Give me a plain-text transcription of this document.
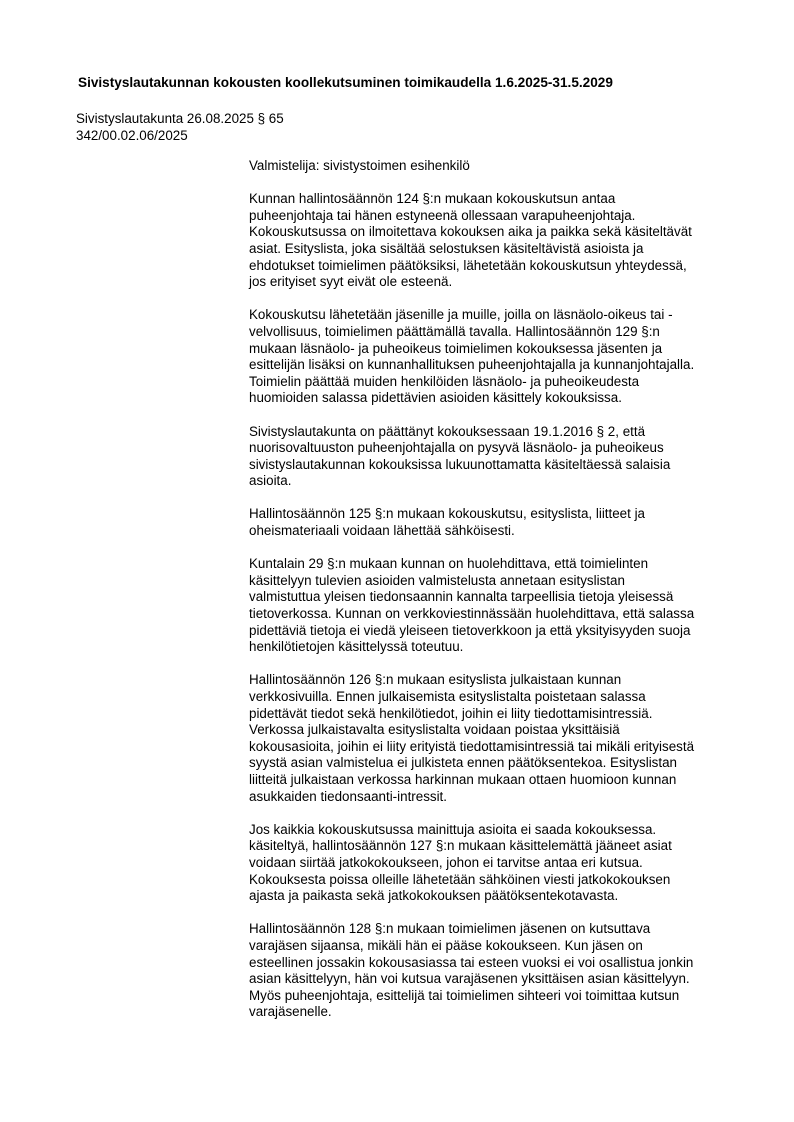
Sivistyslautakunnan kokousten koollekutsuminen toimikaudella 1.6.2025-31.5.2029
Sivistyslautakunta 26.08.2025 § 65
342/00.02.06/2025

Valmistelija: sivistystoimen esihenkilö

Kunnan hallintosäännön 124 §:n mukaan kokouskutsun antaa
puheenjohtaja tai hänen estyneenä ollessaan varapuheenjohtaja.
Kokouskutsussa on ilmoitettava kokouksen aika ja paikka sekä käsiteltävät
asiat. Esityslista, joka sisältää selostuksen käsiteltävistä asioista ja
ehdotukset toimielimen päätöksiksi, lähetetään kokouskutsun yhteydessä,
jos erityiset syyt eivät ole esteenä.

Kokouskutsu lähetetään jäsenille ja muille, joilla on läsnäolo-oikeus tai -
velvollisuus, toimielimen päättämällä tavalla. Hallintosäännön 129 §:n
mukaan läsnäolo- ja puheoikeus toimielimen kokouksessa jäsenten ja
esittelijän lisäksi on kunnanhallituksen puheenjohtajalla ja kunnanjohtajalla.
Toimielin päättää muiden henkilöiden läsnäolo- ja puheoikeudesta
huomioiden salassa pidettävien asioiden käsittely kokouksissa.

Sivistyslautakunta on päättänyt kokouksessaan 19.1.2016 § 2, että
nuorisovaltuuston puheenjohtajalla on pysyvä läsnäolo- ja puheoikeus
sivistyslautakunnan kokouksissa lukuunottamatta käsiteltäessä salaisia
asioita.

Hallintosäännön 125 §:n mukaan kokouskutsu, esityslista, liitteet ja
oheismateriaali voidaan lähettää sähköisesti.

Kuntalain 29 §:n mukaan kunnan on huolehdittava, että toimielinten
käsittelyyn tulevien asioiden valmistelusta annetaan esityslistan
valmistuttua yleisen tiedonsaannin kannalta tarpeellisia tietoja yleisessä
tietoverkossa. Kunnan on verkkoviestinnässään huolehdittava, että salassa
pidettäviä tietoja ei viedä yleiseen tietoverkkoon ja että yksityisyyden suoja
henkilötietojen käsittelyssä toteutuu.

Hallintosäännön 126 §:n mukaan esityslista julkaistaan kunnan
verkkosivuilla. Ennen julkaisemista esityslistalta poistetaan salassa
pidettävät tiedot sekä henkilötiedot, joihin ei liity tiedottamisintressiä.
Verkossa julkaistavalta esityslistalta voidaan poistaa yksittäisiä
kokousasioita, joihin ei liity erityistä tiedottamisintressiä tai mikäli erityisestä
syystä asian valmistelua ei julkisteta ennen päätöksentekoa. Esityslistan
liitteitä julkaistaan verkossa harkinnan mukaan ottaen huomioon kunnan
asukkaiden tiedonsaanti-intressit.

Jos kaikkia kokouskutsussa mainittuja asioita ei saada kokouksessa.
käsiteltyä, hallintosäännön 127 §:n mukaan käsittelemättä jääneet asiat
voidaan siirtää jatkokokoukseen, johon ei tarvitse antaa eri kutsua.
Kokouksesta poissa olleille lähetetään sähköinen viesti jatkokokouksen
ajasta ja paikasta sekä jatkokokouksen päätöksentekotavasta.

Hallintosäännön 128 §:n mukaan toimielimen jäsenen on kutsuttava
varajäsen sijaansa, mikäli hän ei pääse kokoukseen. Kun jäsen on
esteellinen jossakin kokousasiassa tai esteen vuoksi ei voi osallistua jonkin
asian käsittelyyn, hän voi kutsua varajäsenen yksittäisen asian käsittelyyn.
Myös puheenjohtaja, esittelijä tai toimielimen sihteeri voi toimittaa kutsun
varajäsenelle.
